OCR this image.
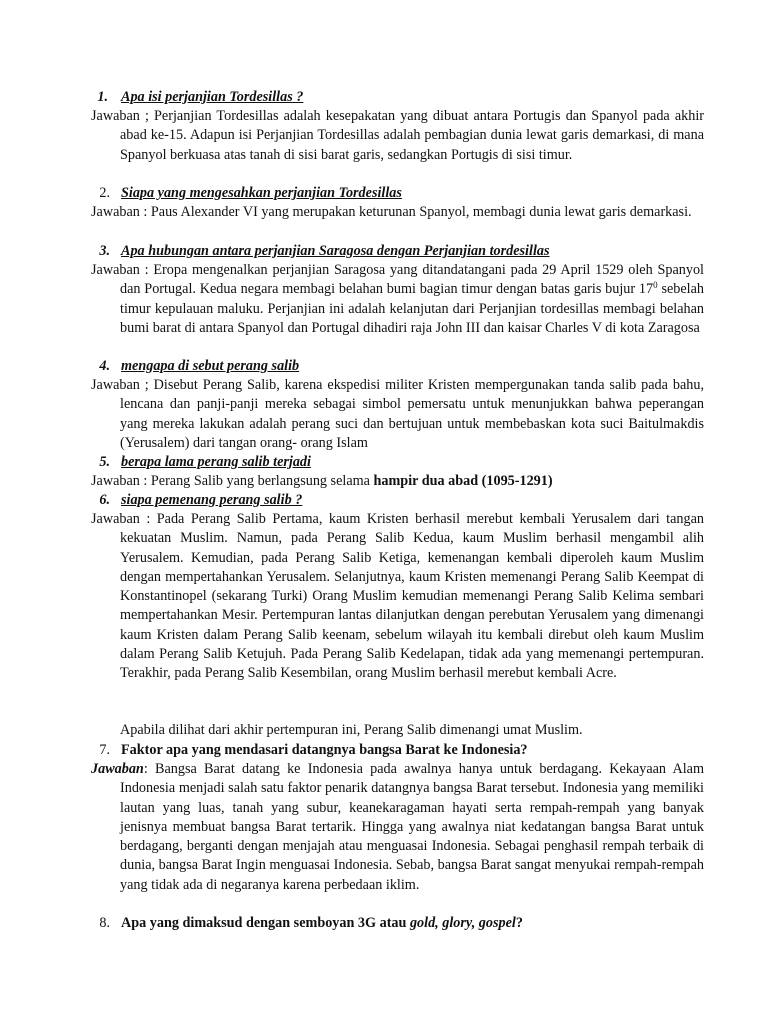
1. Apa isi perjanjian Tordesillas ?
Jawaban ; Perjanjian Tordesillas adalah kesepakatan yang dibuat antara Portugis dan Spanyol pada akhir abad ke-15. Adapun isi Perjanjian Tordesillas adalah pembagian dunia lewat garis demarkasi, di mana Spanyol berkuasa atas tanah di sisi barat garis, sedangkan Portugis di sisi timur.
2. Siapa yang mengesahkan perjanjian Tordesillas
Jawaban : Paus Alexander VI yang merupakan keturunan Spanyol, membagi dunia lewat garis demarkasi.
3. Apa hubungan antara perjanjian Saragosa dengan Perjanjian tordesillas
Jawaban : Eropa mengenalkan perjanjian Saragosa yang ditandatangani pada 29 April 1529 oleh Spanyol dan Portugal. Kedua negara membagi belahan bumi bagian timur dengan batas garis bujur $17^0$ sebelah timur kepulauan maluku. Perjanjian ini adalah kelanjutan dari Perjanjian tordesillas membagi belahan bumi barat di antara Spanyol dan Portugal dihadiri raja John III dan kaisar Charles V di kota Zaragosa
4. mengapa di sebut perang salib
Jawaban ; Disebut Perang Salib, karena ekspedisi militer Kristen mempergunakan tanda salib pada bahu, lencana dan panji-panji mereka sebagai simbol pemersatu untuk menunjukkan bahwa peperangan yang mereka lakukan adalah perang suci dan bertujuan untuk membebaskan kota suci Baitulmakdis (Yerusalem) dari tangan orang- orang Islam
5. berapa lama perang salib terjadi
Jawaban : Perang Salib yang berlangsung selama hampir dua abad (1095-1291)
6. siapa pemenang perang salib ?
Jawaban : Pada Perang Salib Pertama, kaum Kristen berhasil merebut kembali Yerusalem dari tangan kekuatan Muslim. Namun, pada Perang Salib Kedua, kaum Muslim berhasil mengambil alih Yerusalem. Kemudian, pada Perang Salib Ketiga, kemenangan kembali diperoleh kaum Muslim dengan mempertahankan Yerusalem. Selanjutnya, kaum Kristen memenangi Perang Salib Keempat di Konstantinopel (sekarang Turki) Orang Muslim kemudian memenangi Perang Salib Kelima sembari mempertahankan Mesir. Pertempuran lantas dilanjutkan dengan perebutan Yerusalem yang dimenangi kaum Kristen dalam Perang Salib keenam, sebelum wilayah itu kembali direbut oleh kaum Muslim dalam Perang Salib Ketujuh. Pada Perang Salib Kedelapan, tidak ada yang memenangi pertempuran. Terakhir, pada Perang Salib Kesembilan, orang Muslim berhasil merebut kembali Acre.
Apabila dilihat dari akhir pertempuran ini, Perang Salib dimenangi umat Muslim.
7. Faktor apa yang mendasari datangnya bangsa Barat ke Indonesia?
Jawaban: Bangsa Barat datang ke Indonesia pada awalnya hanya untuk berdagang. Kekayaan Alam Indonesia menjadi salah satu faktor penarik datangnya bangsa Barat tersebut. Indonesia yang memiliki lautan yang luas, tanah yang subur, keanekaragaman hayati serta rempah-rempah yang banyak jenisnya membuat bangsa Barat tertarik. Hingga yang awalnya niat kedatangan bangsa Barat untuk berdagang, berganti dengan menjajah atau menguasai Indonesia. Sebagai penghasil rempah terbaik di dunia, bangsa Barat Ingin menguasai Indonesia. Sebab, bangsa Barat sangat menyukai rempah-rempah yang tidak ada di negaranya karena perbedaan iklim.
8. Apa yang dimaksud dengan semboyan 3G atau gold, glory, gospel?
